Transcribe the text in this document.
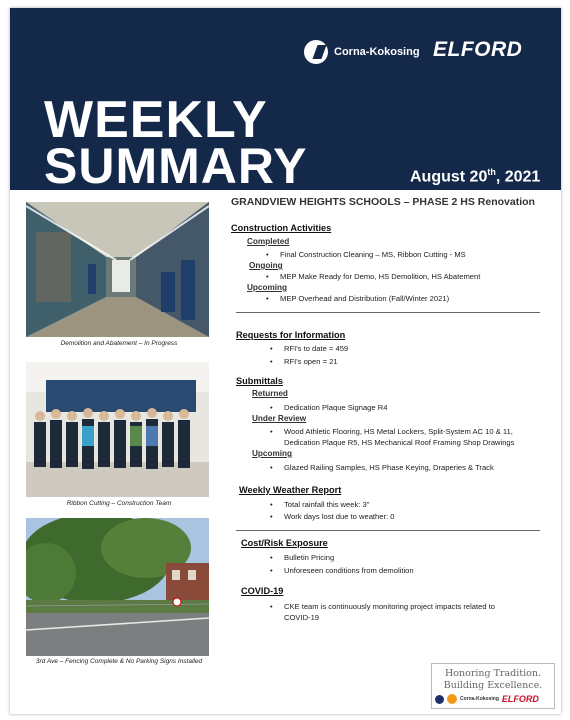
Corna-Kokosing ELFORD
WEEKLY
SUMMARY	August 20th, 2021
Demolition and Abatement – In Progress
Ribbon Cutting – Construction Team
3rd Ave – Fencing Complete & No Parking Signs Installed
GRANDVIEW HEIGHTS SCHOOLS – PHASE 2 HS Renovation
Construction Activities
Completed
• Final Construction Cleaning – MS, Ribbon Cutting - MS
Ongoing
• MEP Make Ready for Demo, HS Demolition, HS Abatement
Upcoming
• MEP Overhead and Distribution (Fall/Winter 2021)
Requests for Information
• RFI's to date = 459
• RFI's open = 21
Submittals
Returned
• Dedication Plaque Signage R4
Under Review
• Wood Athletic Flooring, HS Metal Lockers, Split-System AC 10 & 11,
Dedication Plaque R5, HS Mechanical Roof Framing Shop Drawings
Upcoming
• Glazed Railing Samples, HS Phase Keying, Draperies & Track
Weekly Weather Report
• Total rainfall this week: 3"
• Work days lost due to weather: 0
Cost/Risk Exposure
• Bulletin Pricing
• Unforeseen conditions from demolition
COVID-19
• CKE team is continuously monitoring project impacts related to
COVID-19
Honoring Tradition.
Building Excellence.
Corna-Kokosing ELFORD
